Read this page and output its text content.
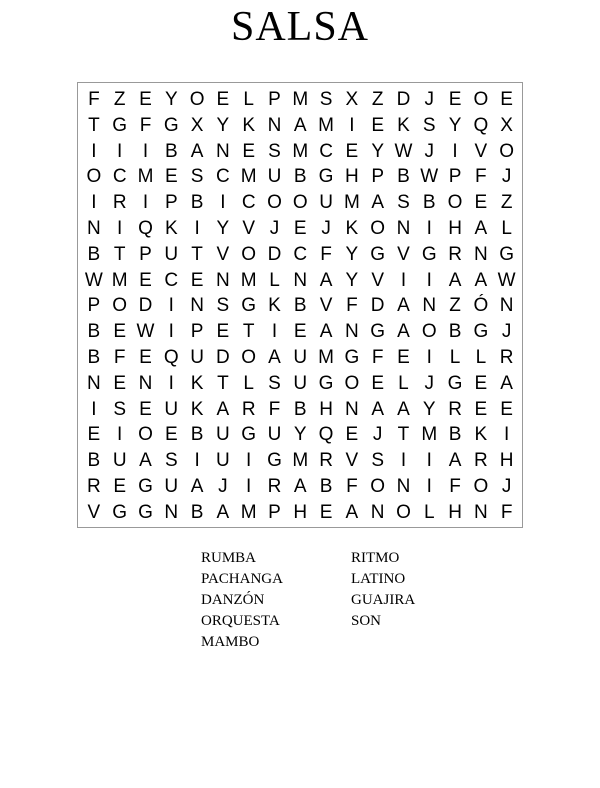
SALSA
F Z E Y O E L P M S X Z D J E O E
T G F G X Y K N A M I E K S Y Q X
I	I	I B A N E S M C E Y W J I V O
O C M E S C M U B G H P B W P F J
I R I P B I C O O U M A S B O E Z
N I Q K I Y V J E J K O N I H A L
B T P U T V O D C F Y G V G R N G
W M E C E N M L N A Y V I	I A A W
P O D I N S G K B V F D A N Z Ó N
B E W I P E T I E A N G A O B G J
B F E Q U D O A U M G F E I L L R
N E N I K T L S U G O E L J G E A
I S E U K A R F B H N A A Y R E E
E I O E B U G U Y Q E J T M B K I
B U A S I U I G M R V S I	I A R H
R E G U A J I R A B F O N I F O J
V G G N B A M P H E A N O L H N F
RUMBA
PACHANGA
DANZÓN
ORQUESTA
MAMBO
RITMO
LATINO
GUAJIRA
SON
